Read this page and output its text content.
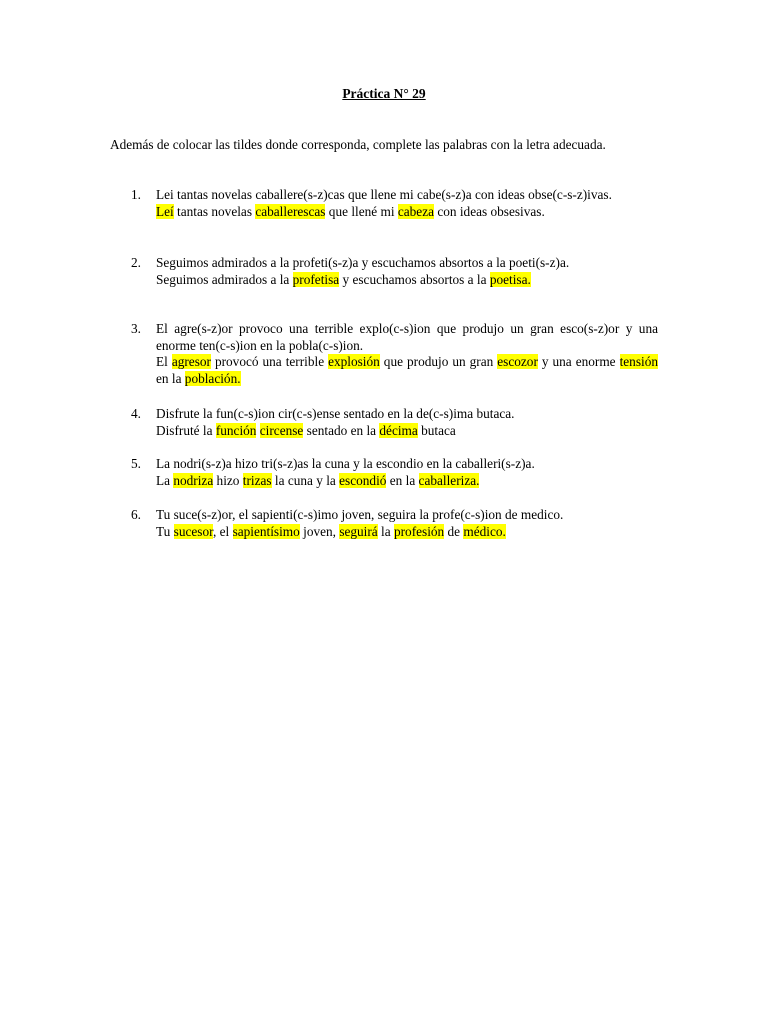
Práctica N° 29
Además de colocar las tildes donde corresponda, complete las palabras con la letra adecuada.
1.	Lei tantas novelas caballere(s-z)cas que llene mi cabe(s-z)a con ideas obse(c-s-z)ivas.

Leí tantas novelas caballerescas que llené mi cabeza con ideas obsesivas.

2.	Seguimos admirados a la profeti(s-z)a y escuchamos absortos a la poeti(s-z)a.

Seguimos admirados a la profetisa y escuchamos absortos a la poetisa.

3.	El agre(s-z)or provoco una terrible explo(c-s)ion que produjo un gran esco(s-z)or y una enorme ten(c-s)ion en la pobla(c-s)ion.

El agresor provocó una terrible explosión que produjo un gran escozor y una enorme tensión en la población.

4.	Disfrute la fun(c-s)ion cir(c-s)ense sentado en la de(c-s)ima butaca.

Disfruté la función circense sentado en la décima butaca

5.	La nodri(s-z)a hizo tri(s-z)as la cuna y la escondio en la caballeri(s-z)a.

La nodriza hizo trizas la cuna y la escondió en la caballeriza.

6.	Tu suce(s-z)or, el sapienti(c-s)imo joven, seguira la profe(c-s)ion de medico.

Tu sucesor, el sapientísimo joven, seguirá la profesión de médico.
